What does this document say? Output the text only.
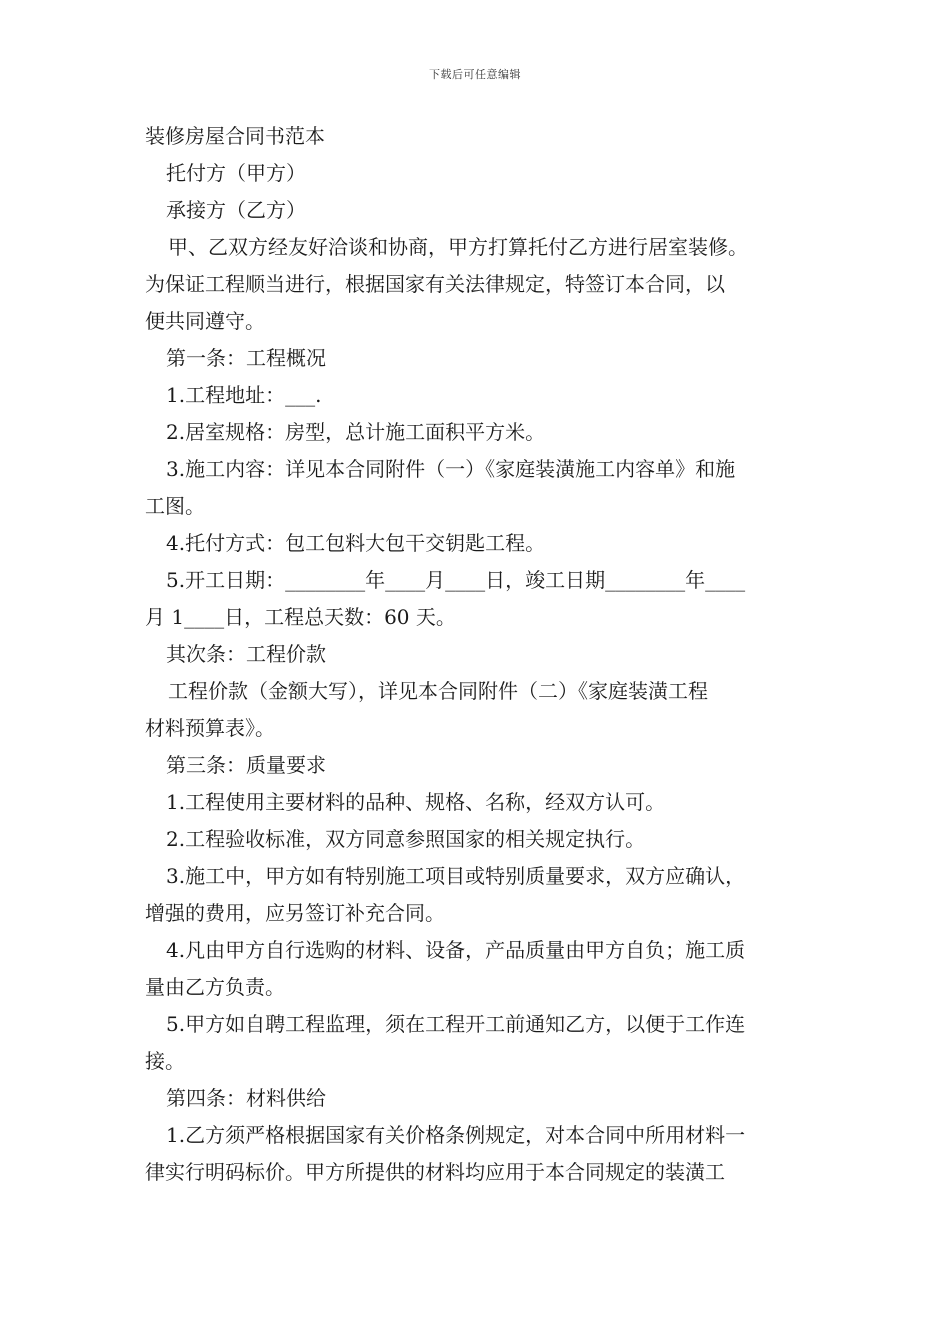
下载后可任意编辑

装修房屋合同书范本

托付方（甲方）

承接方（乙方）

甲、乙双方经友好洽谈和协商，甲方打算托付乙方进行居室装修。

为保证工程顺当进行，根据国家有关法律规定，特签订本合同，以

便共同遵守。

第一条：工程概况

1.工程地址：___.

2.居室规格：房型，总计施工面积平方米。

3.施工内容：详见本合同附件（一）《家庭装潢施工内容单》和施

工图。

4.托付方式：包工包料大包干交钥匙工程。

5.开工日期：________年____月____日，竣工日期________年____

月 1____日，工程总天数：60 天。

其次条：工程价款

工程价款（金额大写），详见本合同附件（二）《家庭装潢工程

材料预算表》。

第三条：质量要求

1.工程使用主要材料的品种、规格、名称，经双方认可。

2.工程验收标准，双方同意参照国家的相关规定执行。

3.施工中，甲方如有特别施工项目或特别质量要求，双方应确认，

增强的费用，应另签订补充合同。

4.凡由甲方自行选购的材料、设备，产品质量由甲方自负；施工质

量由乙方负责。

5.甲方如自聘工程监理，须在工程开工前通知乙方，以便于工作连

接。

第四条：材料供给

1.乙方须严格根据国家有关价格条例规定，对本合同中所用材料一

律实行明码标价。甲方所提供的材料均应用于本合同规定的装潢工
